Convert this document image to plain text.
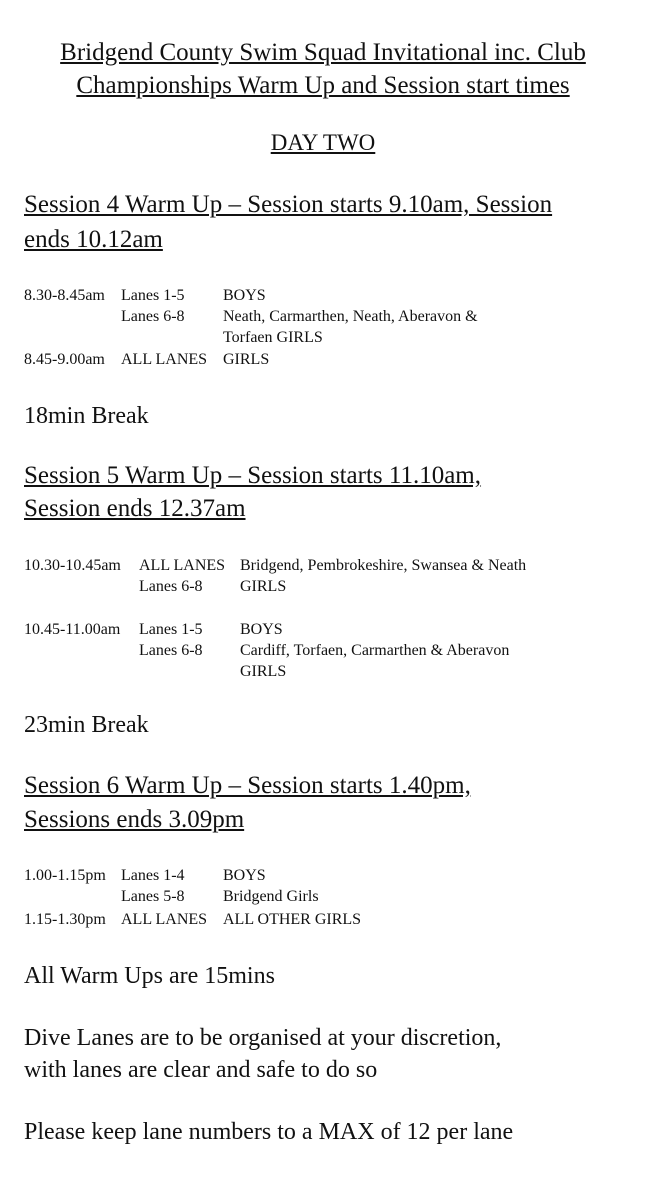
Bridgend County Swim Squad Invitational inc. Club
Championships Warm Up and Session start times
DAY TWO
Session 4 Warm Up – Session starts 9.10am, Session
ends 10.12am
8.30-8.45am Lanes 1-5 BOYS
Lanes 6-8 Neath, Carmarthen, Neath, Aberavon &
Torfaen GIRLS
8.45-9.00am ALL LANES GIRLS
18min Break
Session 5 Warm Up – Session starts 11.10am,
Session ends 12.37am
10.30-10.45am ALL LANES Bridgend, Pembrokeshire, Swansea & Neath
Lanes 6-8 GIRLS
10.45-11.00am Lanes 1-5 BOYS
Lanes 6-8 Cardiff, Torfaen, Carmarthen & Aberavon
GIRLS
23min Break
Session 6 Warm Up – Session starts 1.40pm,
Sessions ends 3.09pm
1.00-1.15pm Lanes 1-4 BOYS
Lanes 5-8 Bridgend Girls
1.15-1.30pm ALL LANES ALL OTHER GIRLS
All Warm Ups are 15mins
Dive Lanes are to be organised at your discretion,
with lanes are clear and safe to do so
Please keep lane numbers to a MAX of 12 per lane
